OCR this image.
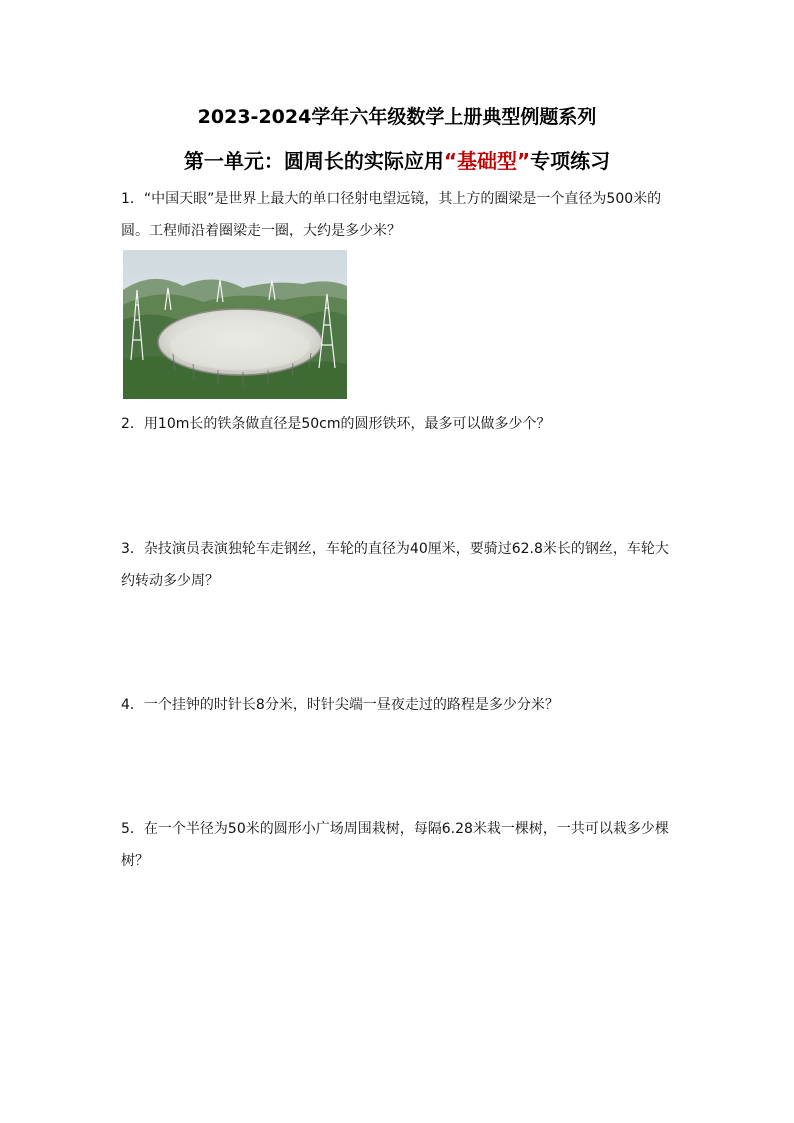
2023-2024学年六年级数学上册典型例题系列
第一单元：圆周长的实际应用“基础型”专项练习
1．“中国天眼”是世界上最大的单口径射电望远镜，其上方的圈梁是一个直径为500米的圆。工程师沿着圈梁走一圈，大约是多少米？
2．用10m长的铁条做直径是50cm的圆形铁环，最多可以做多少个？
3．杂技演员表演独轮车走钢丝，车轮的直径为40厘米，要骑过62.8米长的钢丝，车轮大约转动多少周？
4．一个挂钟的时针长8分米，时针尖端一昼夜走过的路程是多少分米？
5．在一个半径为50米的圆形小广场周围栽树，每隔6.28米栽一棵树，一共可以栽多少棵树？
